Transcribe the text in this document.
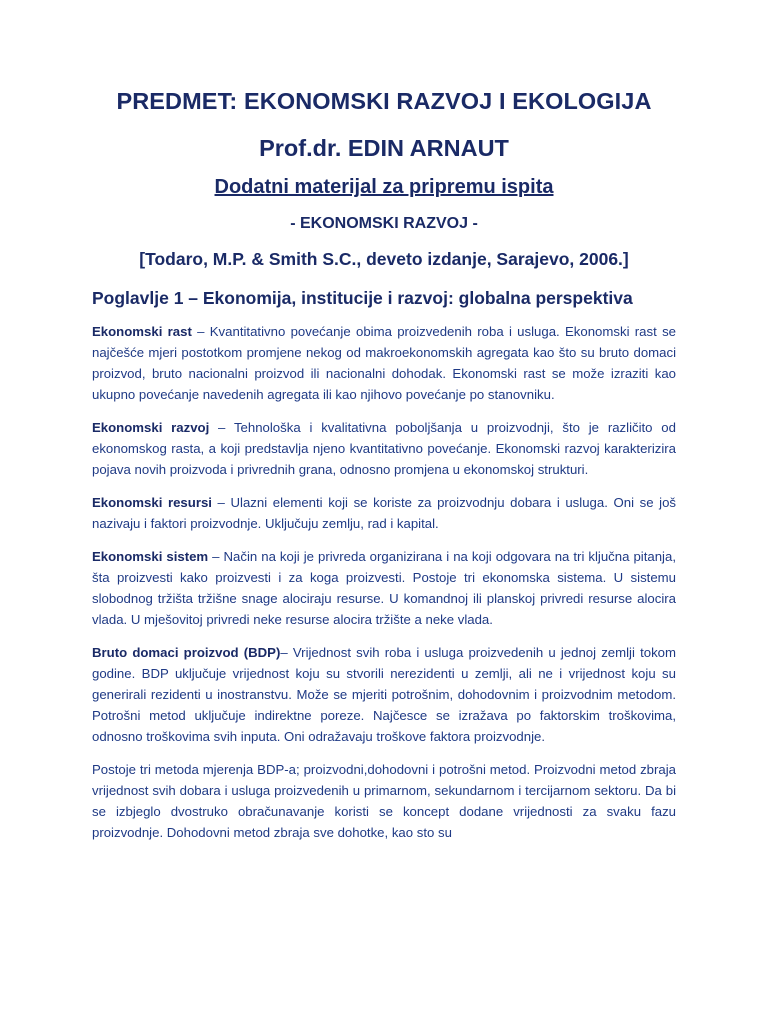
PREDMET: EKONOMSKI RAZVOJ I EKOLOGIJA
Prof.dr. EDIN ARNAUT
Dodatni materijal za pripremu ispita
- EKONOMSKI RAZVOJ -
[Todaro, M.P. & Smith S.C., deveto izdanje, Sarajevo, 2006.]
Poglavlje 1 – Ekonomija, institucije i razvoj: globalna perspektiva

Ekonomski rast – Kvantitativno povećanje obima proizvedenih roba i usluga. Ekonomski rast se najčešće mjeri postotkom promjene nekog od makroekonomskih agregata kao što su bruto domaci proizvod, bruto nacionalni proizvod ili nacionalni dohodak. Ekonomski rast se može izraziti kao ukupno povećanje navedenih agregata ili kao njihovo povećanje po stanovniku.

Ekonomski razvoj – Tehnološka i kvalitativna poboljšanja u proizvodnji, što je različito od ekonomskog rasta, a koji predstavlja njeno kvantitativno povećanje. Ekonomski razvoj karakterizira pojava novih proizvoda i privrednih grana, odnosno promjena u ekonomskoj strukturi.

Ekonomski resursi – Ulazni elementi koji se koriste za proizvodnju dobara i usluga. Oni se još nazivaju i faktori proizvodnje. Uključuju zemlju, rad i kapital.

Ekonomski sistem – Način na koji je privreda organizirana i na koji odgovara na tri ključna pitanja, šta proizvesti kako proizvesti i za koga proizvesti. Postoje tri ekonomska sistema. U sistemu slobodnog tržišta tržišne snage alociraju resurse. U komandnoj ili planskoj privredi resurse alocira vlada. U mješovitoj privredi neke resurse alocira tržište a neke vlada.

Bruto domaci proizvod (BDP)– Vrijednost svih roba i usluga proizvedenih u jednoj zemlji tokom godine. BDP uključuje vrijednost koju su stvorili nerezidenti u zemlji, ali ne i vrijednost koju su generirali rezidenti u inostranstvu. Može se mjeriti potrošnim, dohodovnim i proizvodnim metodom. Potrošni metod uključuje indirektne poreze. Najčesce se izražava po faktorskim troškovima, odnosno troškovima svih inputa. Oni odražavaju troškove faktora proizvodnje.

Postoje tri metoda mjerenja BDP-a; proizvodni,dohodovni i potrošni metod. Proizvodni metod zbraja vrijednost svih dobara i usluga proizvedenih u primarnom, sekundarnom i tercijarnom sektoru. Da bi se izbjeglo dvostruko obračunavanje koristi se koncept dodane vrijednosti za svaku fazu proizvodnje. Dohodovni metod zbraja sve dohotke, kao sto su
